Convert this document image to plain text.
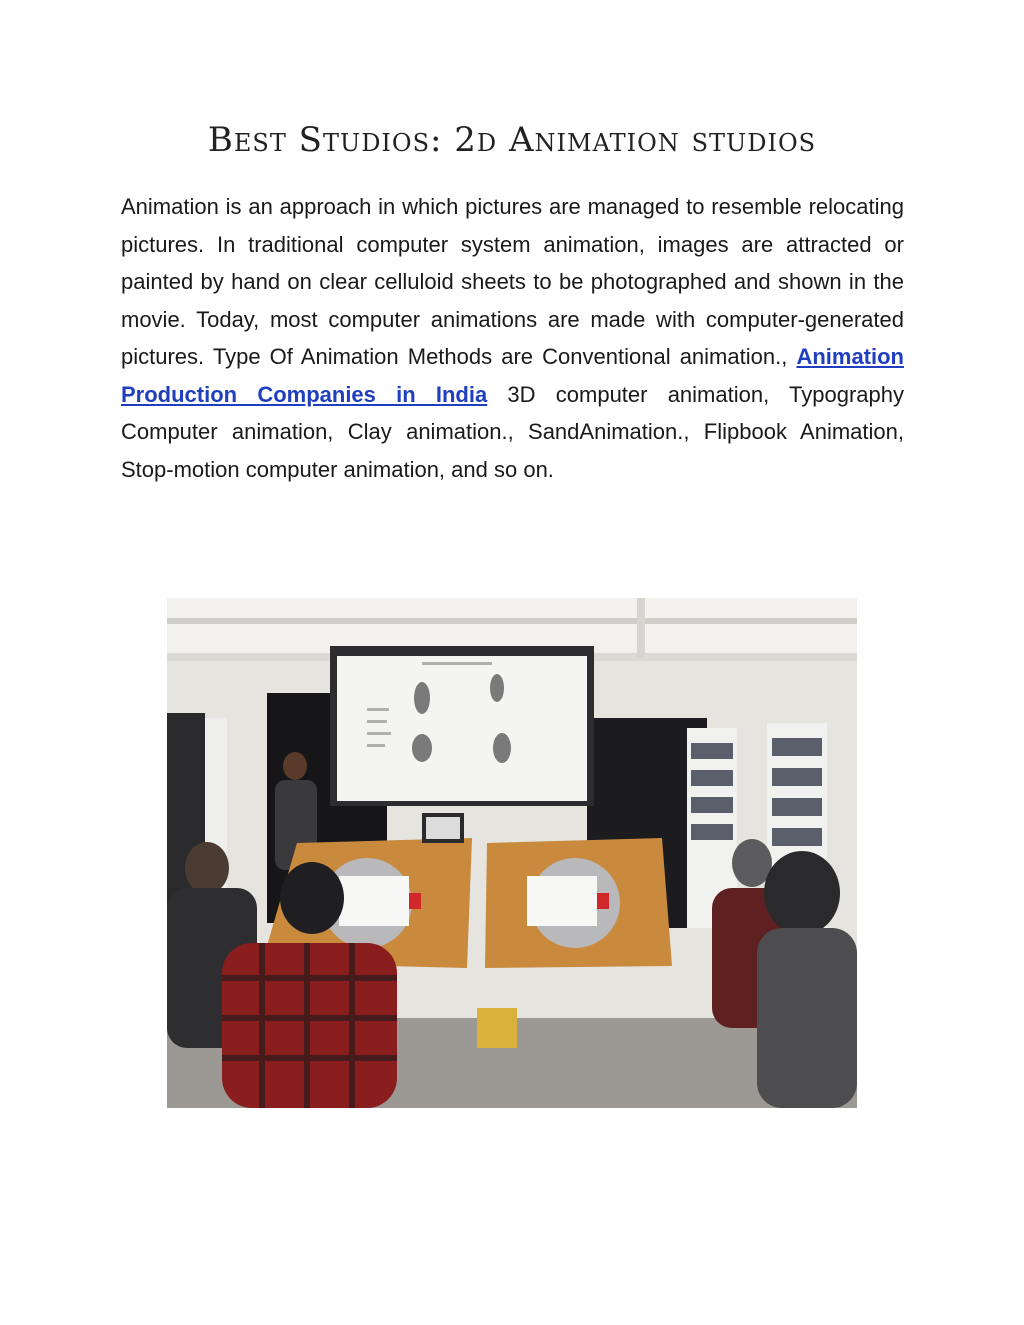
Best Studios: 2d Animation studios

Animation is an approach in which pictures are managed to resemble relocating pictures. In traditional computer system animation, images are attracted or painted by hand on clear celluloid sheets to be photographed and shown in the movie. Today, most computer animations are made with computer-generated pictures. Type Of Animation Methods are Conventional animation., Animation Production Companies in India 3D computer animation, Typography Computer animation, Clay animation., SandAnimation., Flipbook Animation, Stop-motion computer animation, and so on.
